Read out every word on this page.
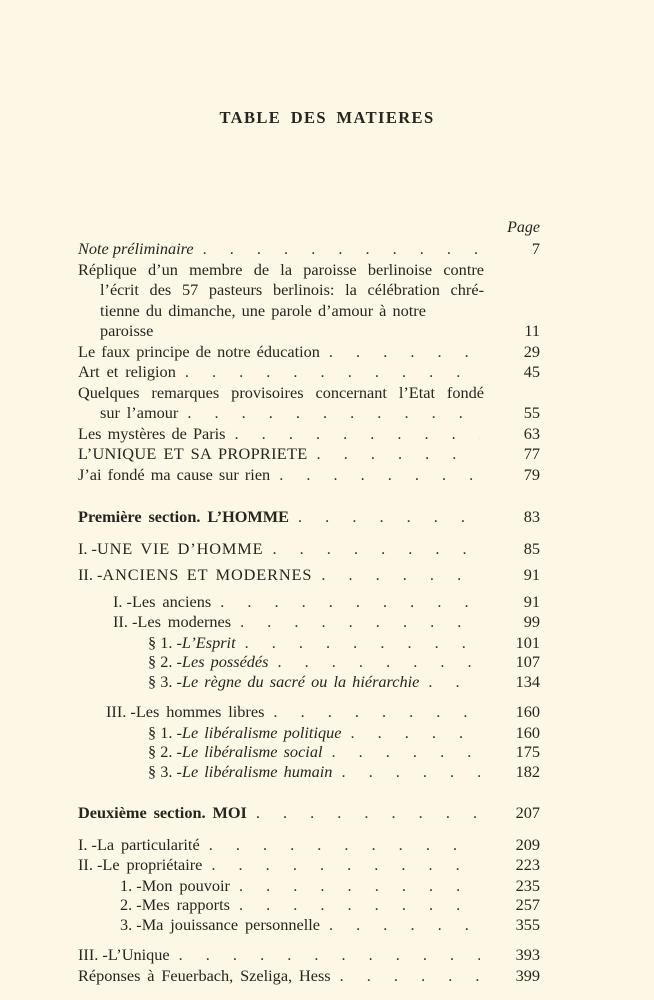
TABLE DES MATIERES
Page
Note préliminaire . . .	7
Réplique d’un membre de la paroisse berlinoise contre
l’écrit des 57 pasteurs berlinois: la célébration chré-
tienne du dimanche, une parole d’amour à notre paroisse	11
Le faux principe de notre éducation . . .	29
Art et religion . . .	45
Quelques remarques provisoires concernant l’Etat fondé
sur l’amour . . .	55
Les mystères de Paris . . .	63
L’UNIQUE ET SA PROPRIETE . . .	77
J’ai fondé ma cause sur rien . . .	79
Première section. L’HOMME . . .	83
I. - UNE VIE D’HOMME . . .	85
II. - ANCIENS ET MODERNES . . .	91
I. - Les anciens . . .	91
II. - Les modernes . . .	99
§ 1. - L’Esprit . . .	101
§ 2. - Les possédés . . .	107
§ 3. - Le règne du sacré ou la hiérarchie . . .	134
III. - Les hommes libres . . .	160
§ 1. - Le libéralisme politique . . .	160
§ 2. - Le libéralisme social . . .	175
§ 3. - Le libéralisme humain . . .	182
Deuxième section. MOI . . .	207
I. - La particularité . . .	209
II. - Le propriétaire . . .	223
1. - Mon pouvoir . . .	235
2. - Mes rapports . . .	257
3. - Ma jouissance personnelle . . .	355
III. - L’Unique . . .	393
Réponses à Feuerbach, Szeliga, Hess . . .	399
